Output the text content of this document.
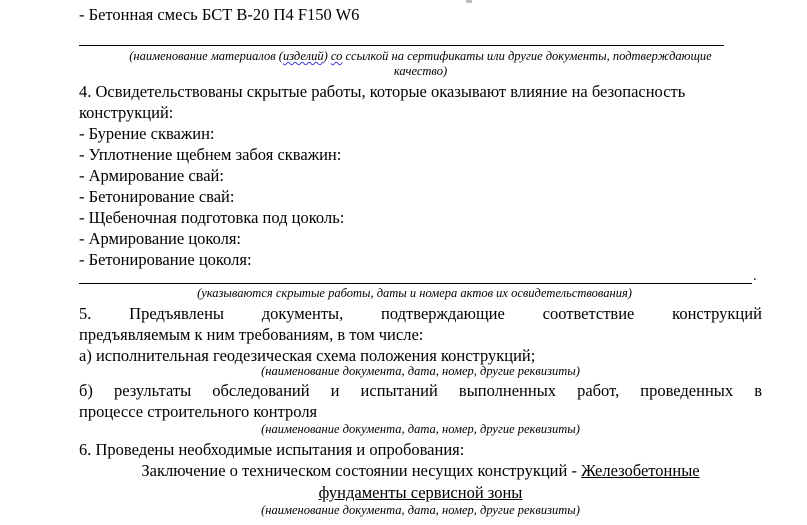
- Бетонная смесь БСТ В-20 П4 F150 W6
(наименование материалов (изделий) со ссылкой на сертификаты или другие документы, подтверждающие
качество)
4. Освидетельствованы скрытые работы, которые оказывают влияние на безопасность
конструкций:
- Бурение скважин:
- Уплотнение щебнем забоя скважин:
- Армирование свай:
- Бетонирование свай:
- Щебеночная подготовка под цоколь:
- Армирование цоколя:
- Бетонирование цоколя:
.
(указываются скрытые работы, даты и номера актов их освидетельствования)
5. Предъявлены документы, подтверждающие соответствие конструкций
предъявляемым к ним требованиям, в том числе:
а) исполнительная геодезическая схема положения конструкций;
(наименование документа, дата, номер, другие реквизиты)
б) результаты обследований и испытаний выполненных работ, проведенных в
процессе строительного контроля
(наименование документа, дата, номер, другие реквизиты)
6. Проведены необходимые испытания и опробования:
Заключение о техническом состоянии несущих конструкций - Железобетонные
фундаменты сервисной зоны
(наименование документа, дата, номер, другие реквизиты)
